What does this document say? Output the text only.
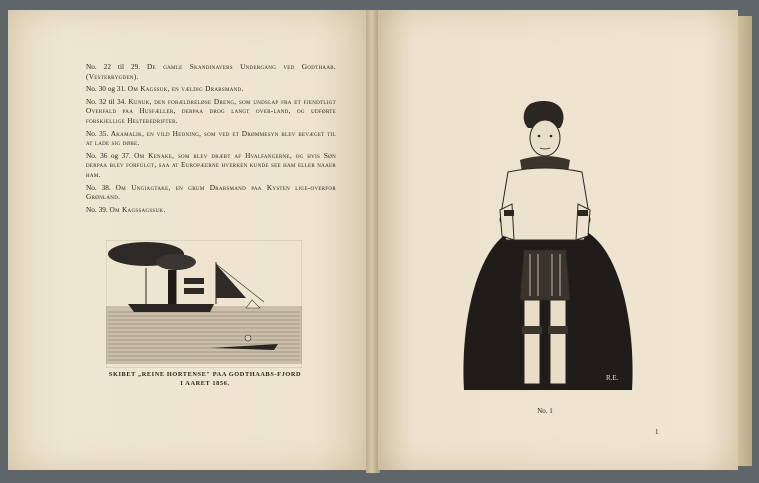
No. 22 til 29. De gamle Skandinavers Undergang ved Godthaab. (Vesterbygden).

No. 30 og 31. Om Kagssuk, en vældig Drabsmand.

No. 32 til 34. Kunuk, den forældreløse Dreng, som undslap fra et fjendtligt Overfald paa Husfæller, derpaa drog langt over-land, og udførte forskjellige Heltebedrifter.

No. 35. Akamalik, en vild Hedning, som ved et Drømmesyn blev bevæget til at lade sig døbe.

No. 36 og 37. Om Kenake, som blev dræbt af Hvalfangerne, og hvis Søn derpaa blev forfulgt, saa at Europæerne hverken kunde see ham eller naaer ham.

No. 38. Om Ungiagtake, en grum Drabsmand paa Kysten lige-overfor Grønland.

No. 39. Om Kagssagssuk.

SKIBET „REINE HORTENSE" PAA GODTHAABS-FJORD
I AARET 1856.
R.E.
No. 1
1
